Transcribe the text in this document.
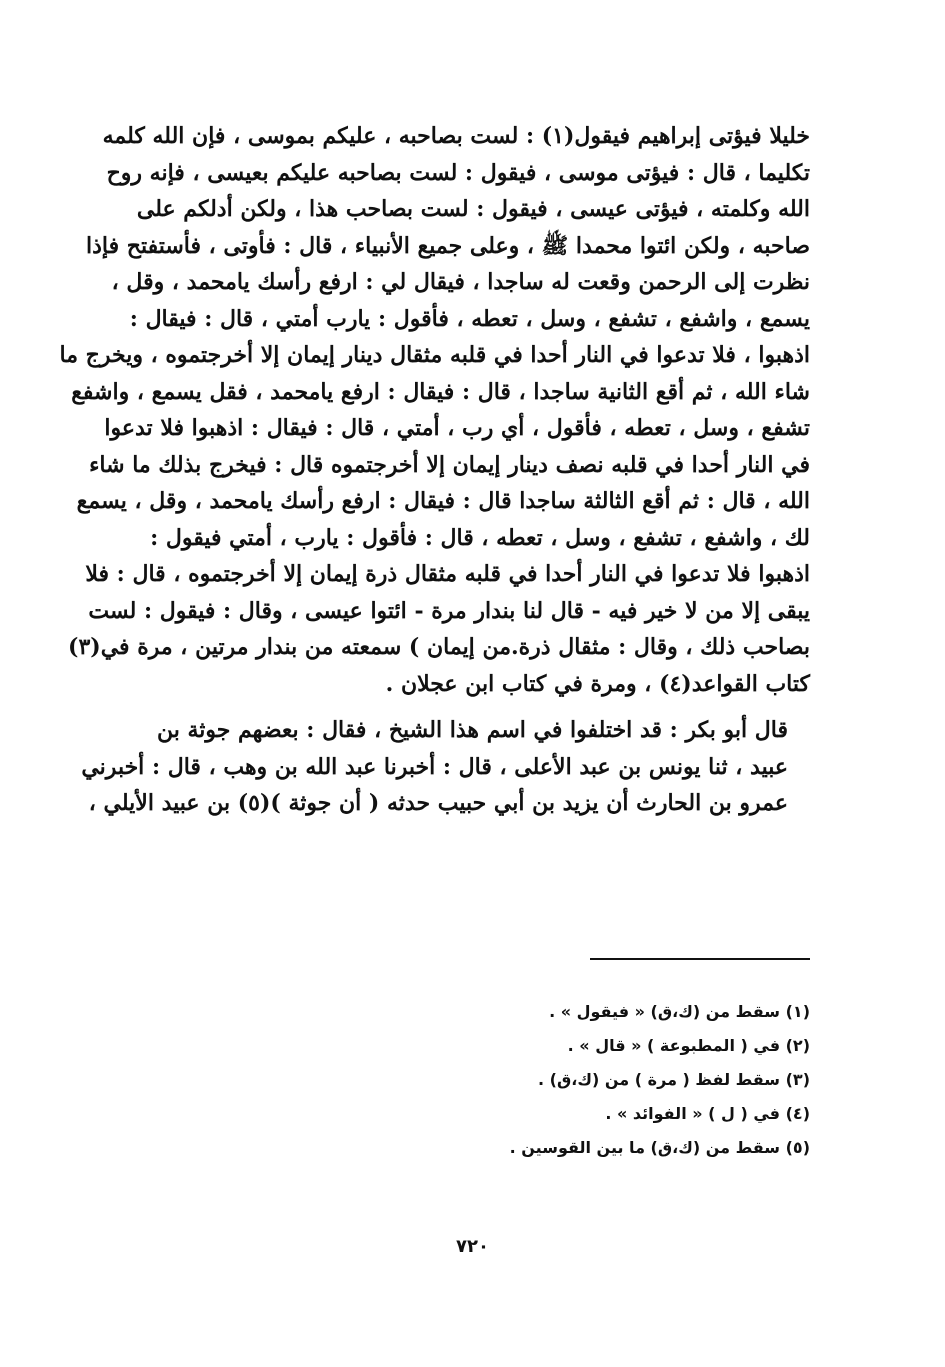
خليلا فيؤتى إبراهيم فيقول(١) : لست بصاحبه ، عليكم بموسى ، فإن الله كلمه
تكليما ، قال : فيؤتى موسى ، فيقول : لست بصاحبه عليكم بعيسى ، فإنه روح
الله وكلمته ، فيؤتى عيسى ، فيقول : لست بصاحب هذا ، ولكن أدلكم على
صاحبه ، ولكن ائتوا محمدا ﷺ ، وعلى جميع الأنبياء ، قال : فأوتى ، فأستفتح فإذا
نظرت إلى الرحمن وقعت له ساجدا ، فيقال لي : ارفع رأسك يامحمد ، وقل ،
يسمع ، واشفع ، تشفع ، وسل ، تعطه ، فأقول : يارب أمتي ، قال : فيقال :
اذهبوا ، فلا تدعوا في النار أحدا في قلبه مثقال دينار إيمان إلا أخرجتموه ، ويخرج ما
شاء الله ، ثم أقع الثانية ساجدا ، قال : فيقال : ارفع يامحمد ، فقل يسمع ، واشفع
تشفع ، وسل ، تعطه ، فأقول ، أي رب ، أمتي ، قال : فيقال : اذهبوا فلا تدعوا
في النار أحدا في قلبه نصف دينار إيمان إلا أخرجتموه قال : فيخرج بذلك ما شاء
الله ، قال : ثم أقع الثالثة ساجدا قال : فيقال : ارفع رأسك يامحمد ، وقل ، يسمع
لك ، واشفع ، تشفع ، وسل ، تعطه ، قال : فأقول : يارب ، أمتي فيقول :
اذهبوا فلا تدعوا في النار أحدا في قلبه مثقال ذرة إيمان إلا أخرجتموه ، قال : فلا
يبقى إلا من لا خير فيه - قال لنا بندار مرة - ائتوا عيسى ، وقال : فيقول : لست
بصاحب ذلك ، وقال : مثقال ذرة.من إيمان ) سمعته من بندار مرتين ، مرة في(٣)
كتاب القواعد(٤) ، ومرة في كتاب ابن عجلان .

قال أبو بكر : قد اختلفوا في اسم هذا الشيخ ، فقال : بعضهم جوثة بن
عبيد ، ثنا يونس بن عبد الأعلى ، قال : أخبرنا عبد الله بن وهب ، قال : أخبرني
عمرو بن الحارث أن يزيد بن أبي حبيب حدثه ( أن جوثة )(٥) بن عبيد الأيلي ،

(١) سقط من (ك،ق) « فيقول » .
(٢) في ( المطبوعة ) « قال » .
(٣) سقط لفظ ( مرة ) من (ك،ق) .
(٤) في ( ل ) « الفوائد » .
(٥) سقط من (ك،ق) ما بين القوسين .
٧٢٠
